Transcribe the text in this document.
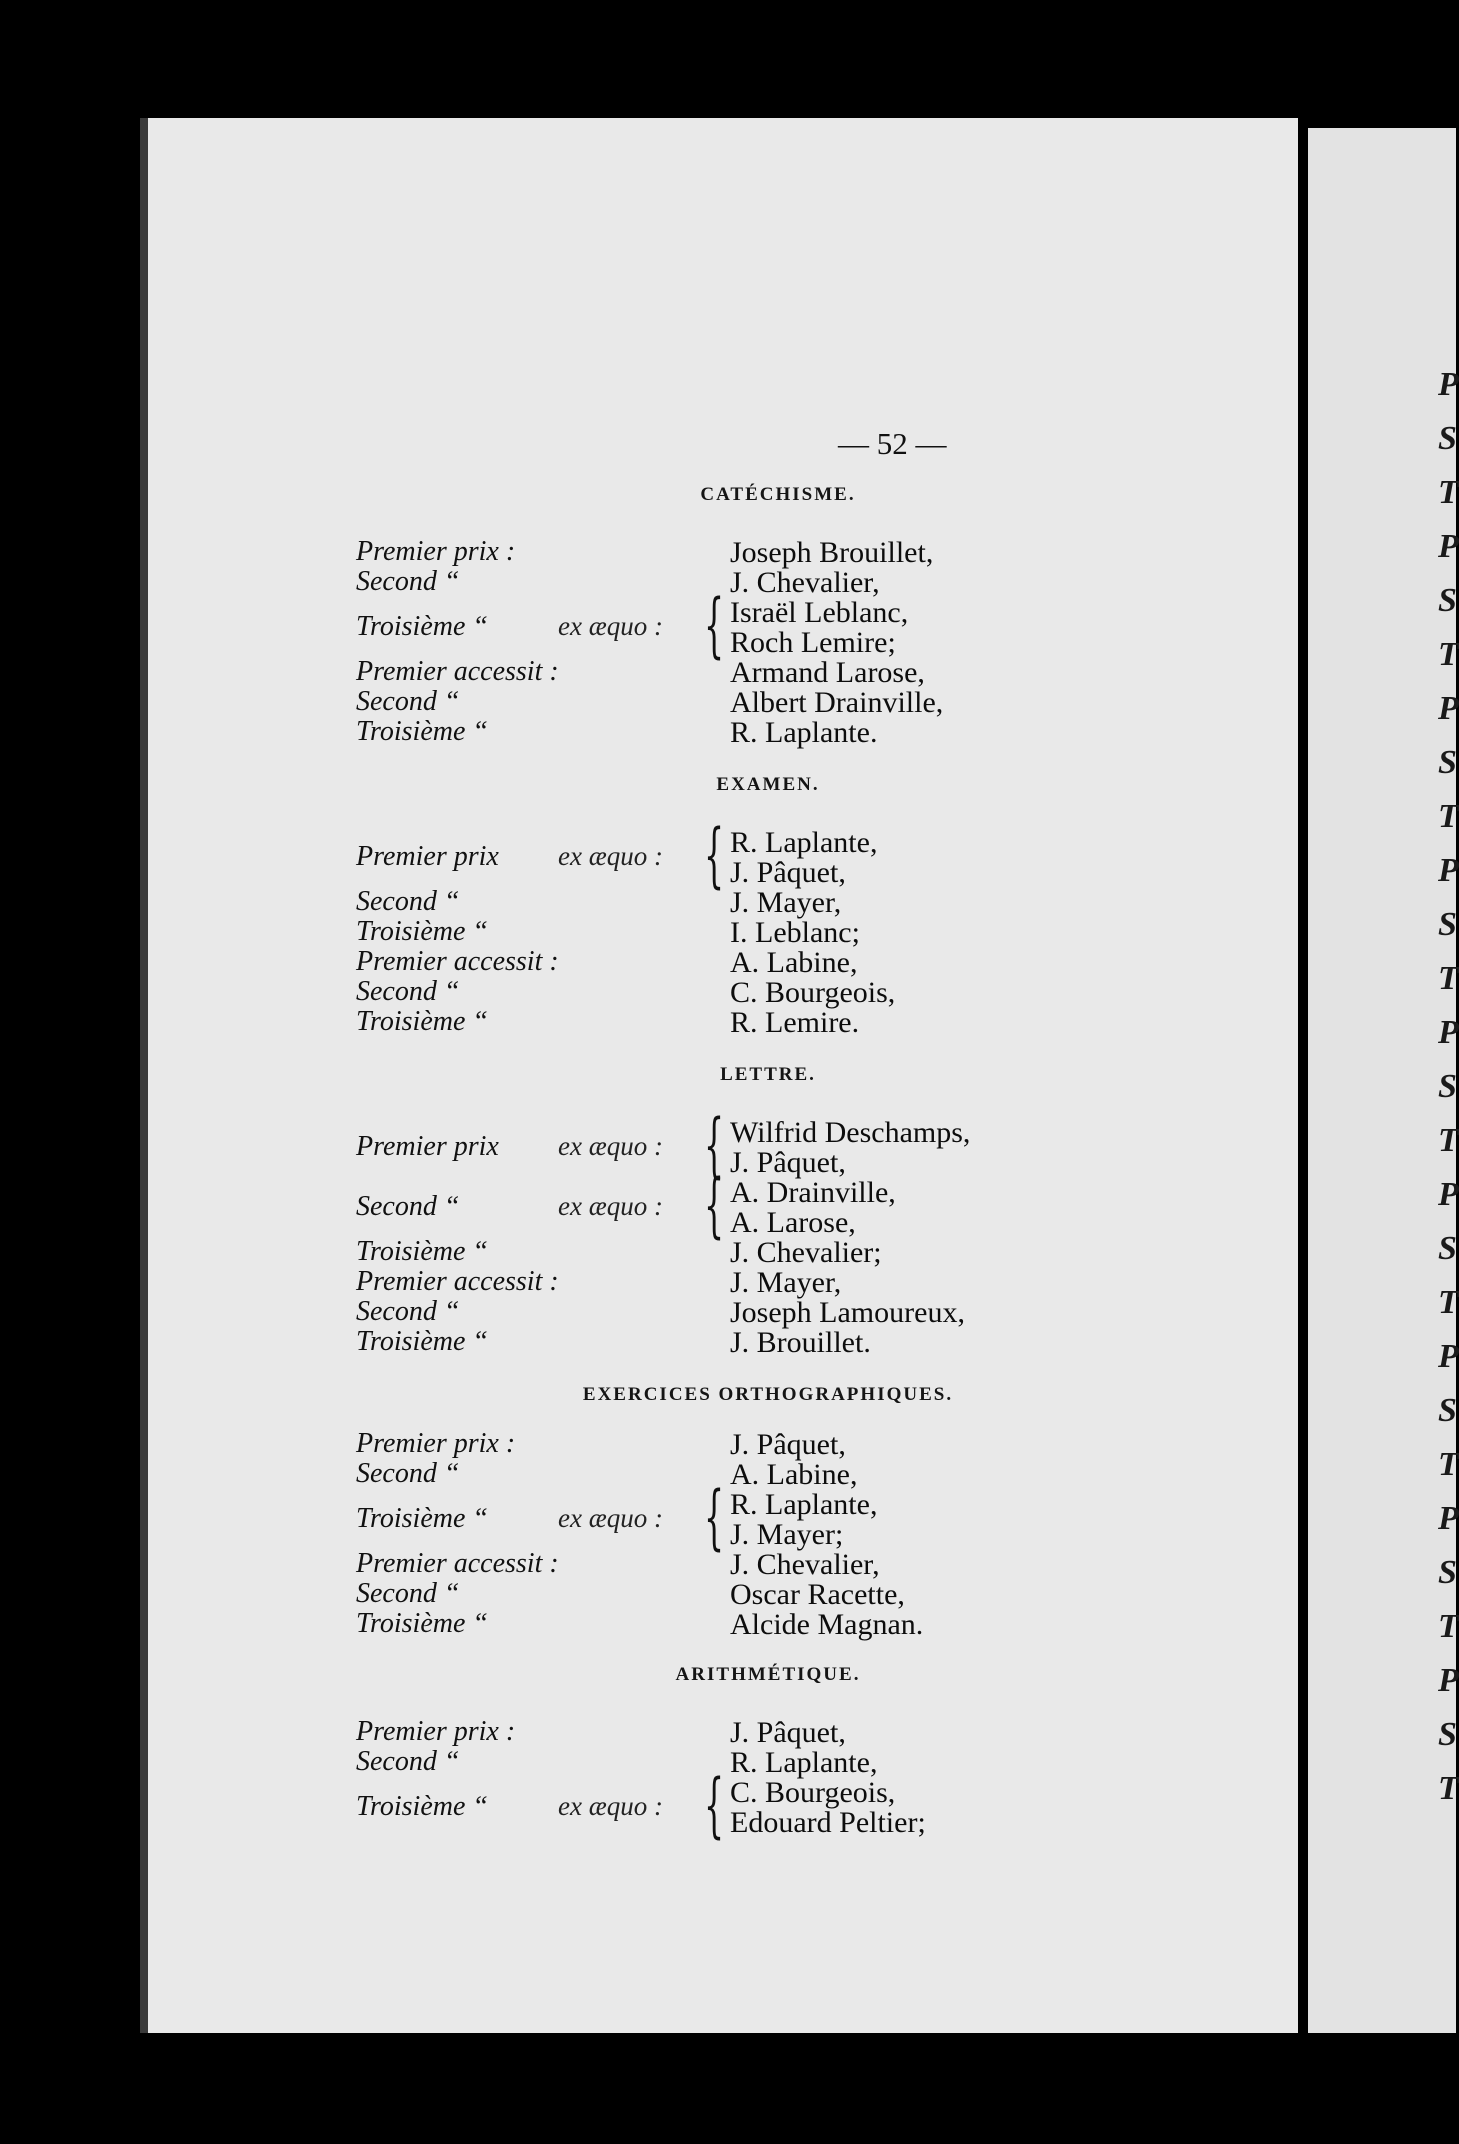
— 52 —
CATÉCHISME.
Premier prix :	Joseph Brouillet,
Second “	J. Chevalier,
Troisième “	ex æquo : { Israël Leblanc,
Roch Lemire;
Premier accessit :	Armand Larose,
Second “	Albert Drainville,
Troisième “	R. Laplante.
EXAMEN.
Premier prix ex æquo : { R. Laplante,
J. Pâquet,
Second “	J. Mayer,
Troisième “	I. Leblanc;
Premier accessit :	A. Labine,
Second “	C. Bourgeois,
Troisième “	R. Lemire.
LETTRE.
Premier prix ex æquo : { Wilfrid Deschamps,
J. Pâquet,
Second “	ex æquo : { A. Drainville,
A. Larose,
Troisième “	J. Chevalier;
Premier accessit :	J. Mayer,
Second “	Joseph Lamoureux,
Troisième “	J. Brouillet.
EXERCICES ORTHOGRAPHIQUES.
Premier prix :	J. Pâquet,
Second “	A. Labine,
Troisième “	ex æquo : { R. Laplante,
J. Mayer;
Premier accessit :	J. Chevalier,
Second “	Oscar Racette,
Troisième “	Alcide Magnan.
ARITHMÉTIQUE.
Premier prix :	J. Pâquet,
Second “	R. Laplante,
Troisième “	ex æquo : { C. Bourgeois,
Edouard Peltier;
P
S
T
P
S
T
P
S
T
P
S
T
P
S
T
P
S
T
P
S
T
P
S
T
P
S
T
